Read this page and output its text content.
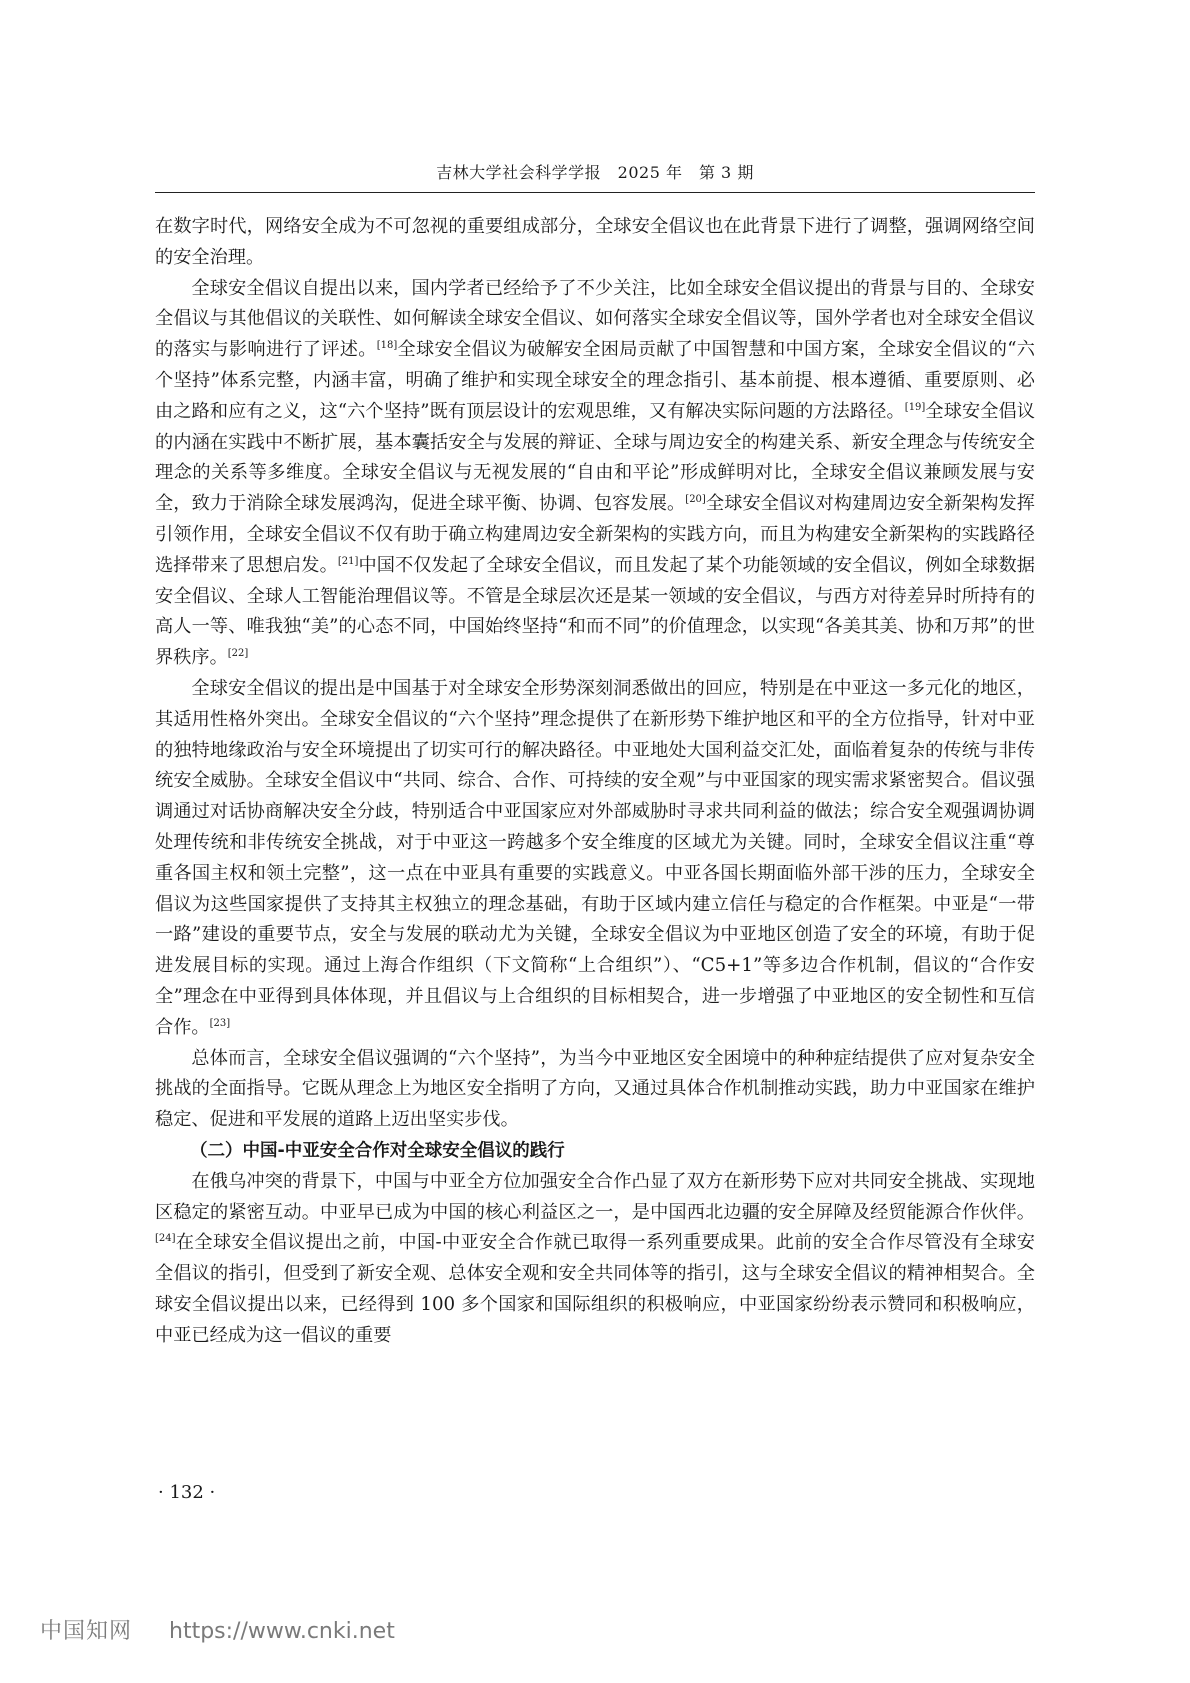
吉林大学社会科学学报　2025 年　第 3 期

在数字时代，网络安全成为不可忽视的重要组成部分，全球安全倡议也在此背景下进行了调整，强调网络空间的安全治理。

全球安全倡议自提出以来，国内学者已经给予了不少关注，比如全球安全倡议提出的背景与目的、全球安全倡议与其他倡议的关联性、如何解读全球安全倡议、如何落实全球安全倡议等，国外学者也对全球安全倡议的落实与影响进行了评述。[18]全球安全倡议为破解安全困局贡献了中国智慧和中国方案，全球安全倡议的“六个坚持”体系完整，内涵丰富，明确了维护和实现全球安全的理念指引、基本前提、根本遵循、重要原则、必由之路和应有之义，这“六个坚持”既有顶层设计的宏观思维，又有解决实际问题的方法路径。[19]全球安全倡议的内涵在实践中不断扩展，基本囊括安全与发展的辩证、全球与周边安全的构建关系、新安全理念与传统安全理念的关系等多维度。全球安全倡议与无视发展的“自由和平论”形成鲜明对比，全球安全倡议兼顾发展与安全，致力于消除全球发展鸿沟，促进全球平衡、协调、包容发展。[20]全球安全倡议对构建周边安全新架构发挥引领作用，全球安全倡议不仅有助于确立构建周边安全新架构的实践方向，而且为构建安全新架构的实践路径选择带来了思想启发。[21]中国不仅发起了全球安全倡议，而且发起了某个功能领域的安全倡议，例如全球数据安全倡议、全球人工智能治理倡议等。不管是全球层次还是某一领域的安全倡议，与西方对待差异时所持有的高人一等、唯我独“美”的心态不同，中国始终坚持“和而不同”的价值理念，以实现“各美其美、协和万邦”的世界秩序。[22]

全球安全倡议的提出是中国基于对全球安全形势深刻洞悉做出的回应，特别是在中亚这一多元化的地区，其适用性格外突出。全球安全倡议的“六个坚持”理念提供了在新形势下维护地区和平的全方位指导，针对中亚的独特地缘政治与安全环境提出了切实可行的解决路径。中亚地处大国利益交汇处，面临着复杂的传统与非传统安全威胁。全球安全倡议中“共同、综合、合作、可持续的安全观”与中亚国家的现实需求紧密契合。倡议强调通过对话协商解决安全分歧，特别适合中亚国家应对外部威胁时寻求共同利益的做法；综合安全观强调协调处理传统和非传统安全挑战，对于中亚这一跨越多个安全维度的区域尤为关键。同时，全球安全倡议注重“尊重各国主权和领土完整”，这一点在中亚具有重要的实践意义。中亚各国长期面临外部干涉的压力，全球安全倡议为这些国家提供了支持其主权独立的理念基础，有助于区域内建立信任与稳定的合作框架。中亚是“一带一路”建设的重要节点，安全与发展的联动尤为关键，全球安全倡议为中亚地区创造了安全的环境，有助于促进发展目标的实现。通过上海合作组织（下文简称“上合组织”）、“C5+1”等多边合作机制，倡议的“合作安全”理念在中亚得到具体体现，并且倡议与上合组织的目标相契合，进一步增强了中亚地区的安全韧性和互信合作。[23]

总体而言，全球安全倡议强调的“六个坚持”，为当今中亚地区安全困境中的种种症结提供了应对复杂安全挑战的全面指导。它既从理念上为地区安全指明了方向，又通过具体合作机制推动实践，助力中亚国家在维护稳定、促进和平发展的道路上迈出坚实步伐。

（二）中国-中亚安全合作对全球安全倡议的践行

在俄乌冲突的背景下，中国与中亚全方位加强安全合作凸显了双方在新形势下应对共同安全挑战、实现地区稳定的紧密互动。中亚早已成为中国的核心利益区之一，是中国西北边疆的安全屏障及经贸能源合作伙伴。[24]在全球安全倡议提出之前，中国-中亚安全合作就已取得一系列重要成果。此前的安全合作尽管没有全球安全倡议的指引，但受到了新安全观、总体安全观和安全共同体等的指引，这与全球安全倡议的精神相契合。全球安全倡议提出以来，已经得到 100 多个国家和国际组织的积极响应，中亚国家纷纷表示赞同和积极响应，中亚已经成为这一倡议的重要

· 132 ·
中国知网 https://www.cnki.net
